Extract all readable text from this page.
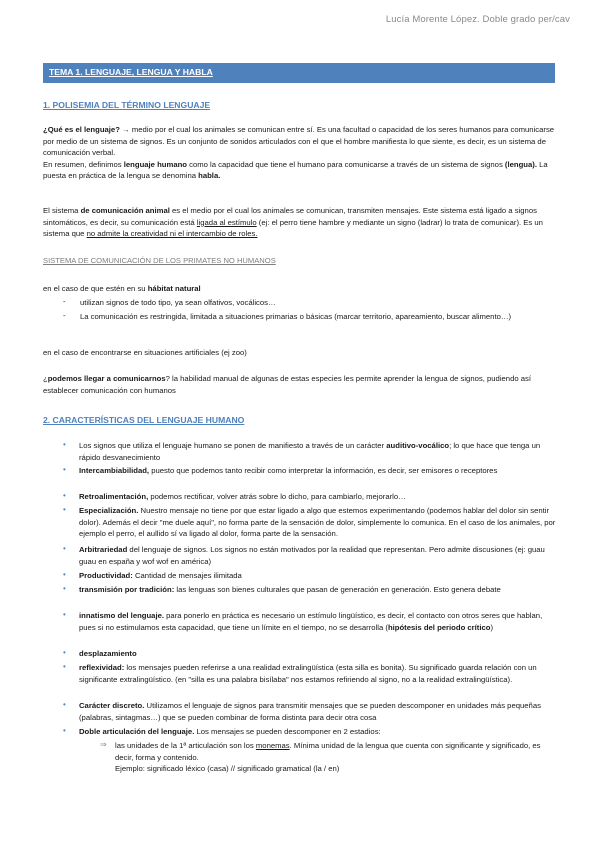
Lucía Morente López. Doble grado per/cav
TEMA 1. LENGUAJE, LENGUA Y HABLA
1. POLISEMIA DEL TÉRMINO LENGUAJE

¿Qué es el lenguaje? → medio por el cual los animales se comunican entre sí. Es una facultad o capacidad de los seres humanos para comunicarse por medio de un sistema de signos. Es un conjunto de sonidos articulados con el que el hombre manifiesta lo que siente, es decir, es un sistema de comunicación verbal.
En resumen, definimos lenguaje humano como la capacidad que tiene el humano para comunicarse a través de un sistema de signos (lengua). La puesta en práctica de la lengua se denomina habla.

El sistema de comunicación animal es el medio por el cual los animales se comunican, transmiten mensajes. Este sistema está ligado a signos sintomáticos, es decir, su comunicación está ligada al estímulo (ej: el perro tiene hambre y mediante un signo (ladrar) lo trata de comunicar). Es un sistema que no admite la creatividad ni el intercambio de roles.

SISTEMA DE COMUNICACIÓN DE LOS PRIMATES NO HUMANOS

en el caso de que estén en su hábitat natural

- utilizan signos de todo tipo, ya sean olfativos, vocálicos…

- La comunicación es restringida, limitada a situaciones primarias o básicas (marcar territorio, apareamiento, buscar alimento…)

en el caso de encontrarse en situaciones artificiales (ej zoo)

¿podemos llegar a comunicarnos? la habilidad manual de algunas de estas especies les permite aprender la lengua de signos, pudiendo así establecer comunicación con humanos

2. CARACTERÍSTICAS DEL LENGUAJE HUMANO
• Los signos que utiliza el lenguaje humano se ponen de manifiesto a través de un carácter auditivo-vocálico; lo que hace que tenga un rápido desvanecimiento

• Intercambiabilidad, puesto que podemos tanto recibir como interpretar la información, es decir, ser emisores o receptores

• Retroalimentación, podemos rectificar, volver atrás sobre lo dicho, para cambiarlo, mejorarlo…

• Especialización. Nuestro mensaje no tiene por que estar ligado a algo que estemos experimentando (podemos hablar del dolor sin sentir dolor). Además el decir "me duele aquí", no forma parte de la sensación de dolor, simplemente lo comunica. En el caso de los animales, por ejemplo el perro, el aullido sí va ligado al dolor, forma parte de la sensación.

• Arbitrariedad del lenguaje de signos. Los signos no están motivados por la realidad que representan. Pero admite discusiones (ej: guau guau en españa y wof wof en américa)

• Productividad: Cantidad de mensajes ilimitada

• transmisión por tradición: las lenguas son bienes culturales que pasan de generación en generación. Esto genera debate

• innatismo del lenguaje. para ponerlo en práctica es necesario un estímulo lingüístico, es decir, el contacto con otros seres que hablan, pues si no estimulamos esta capacidad, que tiene un límite en el tiempo, no se desarrolla (hipótesis del periodo crítico)

• desplazamiento

• reflexividad: los mensajes pueden referirse a una realidad extralingüística (esta silla es bonita). Su significado guarda relación con un significante extralingüístico. (en "silla es una palabra bisílaba" nos estamos refiriendo al signo, no a la realidad extralingüística).

• Carácter discreto. Utilizamos el lenguaje de signos para transmitir mensajes que se pueden descomponer en unidades más pequeñas (palabras, sintagmas…) que se pueden combinar de forma distinta para decir otra cosa

• Doble articulación del lenguaje. Los mensajes se pueden descomponer en 2 estadios:

⇒ las unidades de la 1ª articulación son los monemas. Mínima unidad de la lengua que cuenta con significante y significado, es decir, forma y contenido.
Ejemplo: significado léxico (casa) // significado gramatical (la / en)
